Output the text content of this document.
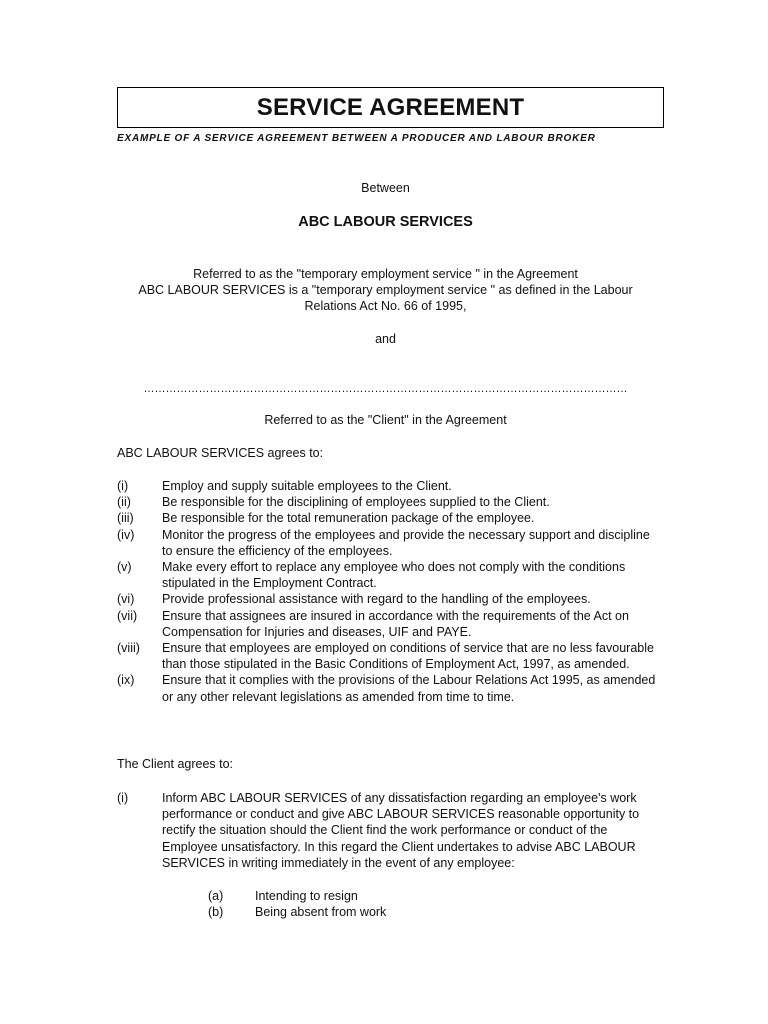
SERVICE AGREEMENT
EXAMPLE OF A SERVICE AGREEMENT BETWEEN A PRODUCER AND LABOUR BROKER
Between
ABC LABOUR SERVICES
Referred to as the "temporary employment service " in the Agreement
ABC LABOUR SERVICES is a "temporary employment service " as defined in the Labour
Relations Act No. 66 of 1995,
and
……………………………………………………………………………………………………………………
Referred to as the "Client" in the Agreement
ABC LABOUR SERVICES agrees to:
(i)	Employ and supply suitable employees to the Client.
(ii)	Be responsible for the disciplining of employees supplied to the Client.
(iii)	Be responsible for the total remuneration package of the employee.
(iv)	Monitor the progress of the employees and provide the necessary support and discipline to ensure the efficiency of the employees.
(v)	Make every effort to replace any employee who does not comply with the conditions stipulated in the Employment Contract.
(vi)	Provide professional assistance with regard to the handling of the employees.
(vii)	Ensure that assignees are insured in accordance with the requirements of the Act on Compensation for Injuries and diseases, UIF and PAYE.
(viii)	Ensure that employees are employed on conditions of service that are no less favourable than those stipulated in the Basic Conditions of Employment Act, 1997, as amended.
(ix)	Ensure that it complies with the provisions of the Labour Relations Act 1995, as amended or any other relevant legislations as amended from time to time.
The Client agrees to:
(i)	Inform ABC LABOUR SERVICES of any dissatisfaction regarding an employee's work performance or conduct and give ABC LABOUR SERVICES reasonable opportunity to rectify the situation should the Client find the work performance or conduct of the Employee unsatisfactory. In this regard the Client undertakes to advise ABC LABOUR SERVICES in writing immediately in the event of any employee:
(a)	Intending to resign
(b)	Being absent from work
